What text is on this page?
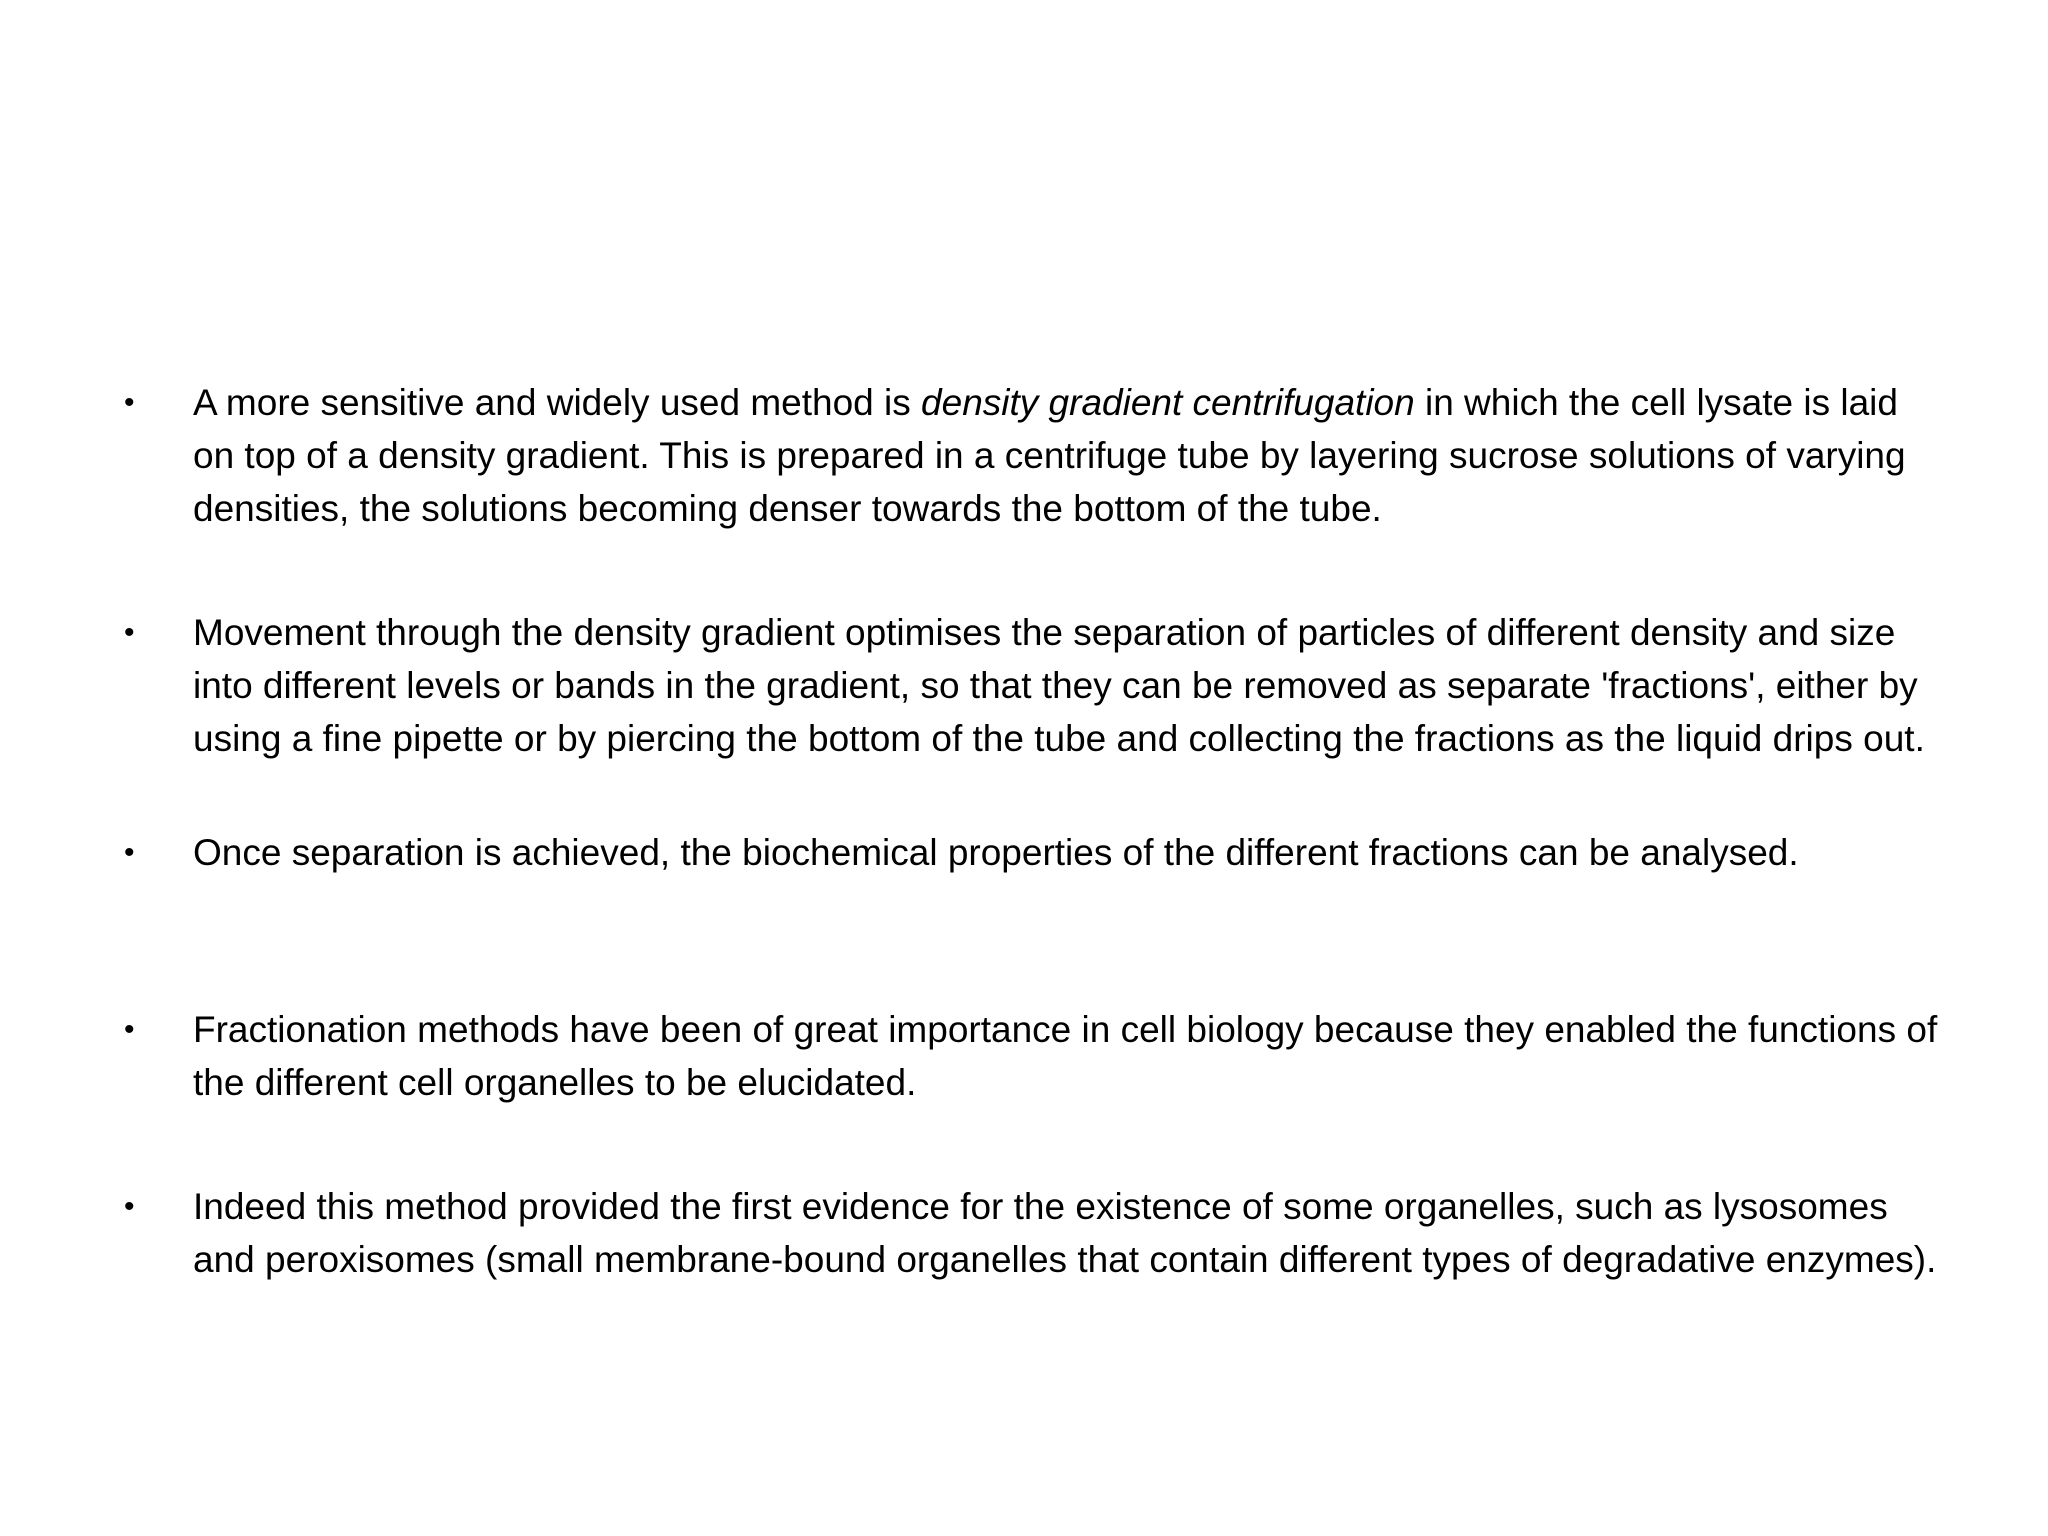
• A more sensitive and widely used method is density gradient centrifugation in which the cell lysate is laid on top of a density gradient. This is prepared in a centrifuge tube by layering sucrose solutions of varying densities, the solutions becoming denser towards the bottom of the tube.
• Movement through the density gradient optimises the separation of particles of different density and size into different levels or bands in the gradient, so that they can be removed as separate 'fractions', either by using a fine pipette or by piercing the bottom of the tube and collecting the fractions as the liquid drips out.
• Once separation is achieved, the biochemical properties of the different fractions can be analysed.
• Fractionation methods have been of great importance in cell biology because they enabled the functions of the different cell organelles to be elucidated.
• Indeed this method provided the first evidence for the existence of some organelles, such as lysosomes and peroxisomes (small membrane-bound organelles that contain different types of degradative enzymes).
